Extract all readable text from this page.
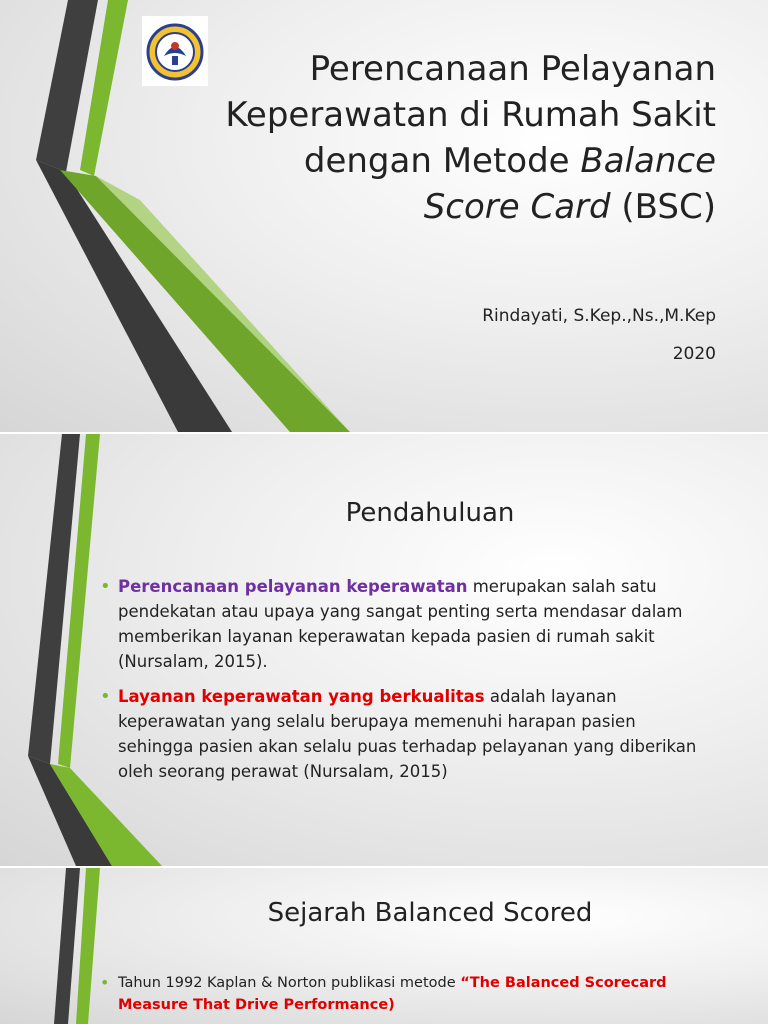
Perencanaan Pelayanan
Keperawatan di Rumah Sakit
dengan Metode Balance
Score Card (BSC)
Rindayati, S.Kep.,Ns.,M.Kep
2020
Pendahuluan
• Perencanaan pelayanan keperawatan merupakan salah satu pendekatan atau upaya yang sangat penting serta mendasar dalam memberikan layanan keperawatan kepada pasien di rumah sakit (Nursalam, 2015).
• Layanan keperawatan yang berkualitas adalah layanan keperawatan yang selalu berupaya memenuhi harapan pasien sehingga pasien akan selalu puas terhadap pelayanan yang diberikan oleh seorang perawat (Nursalam, 2015)
Sejarah Balanced Scored
• Tahun 1992 Kaplan & Norton publikasi metode “The Balanced Scorecard Measure That Drive Performance)
